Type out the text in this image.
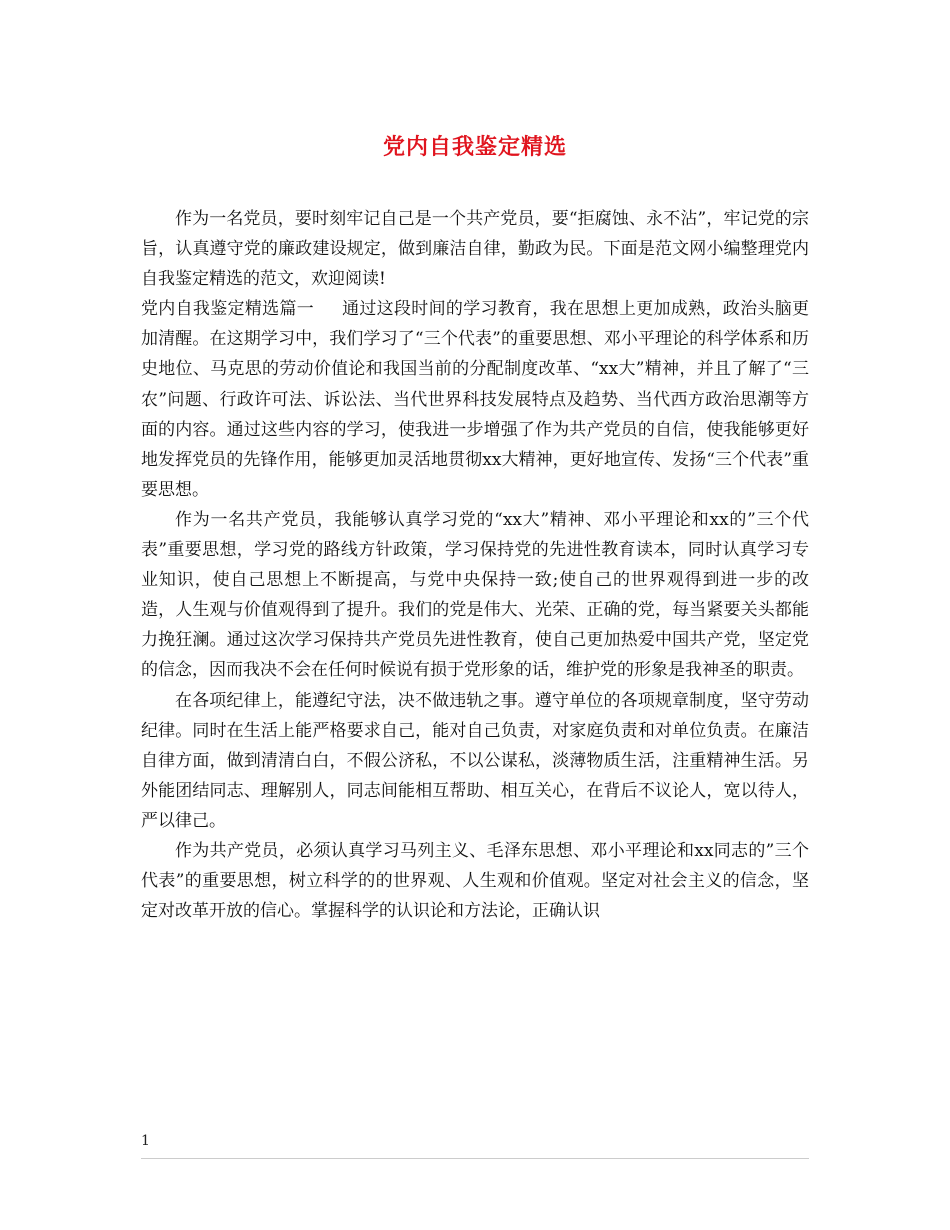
党内自我鉴定精选

作为一名党员，要时刻牢记自己是一个共产党员，要“拒腐蚀、永不沾”，牢记党的宗旨，认真遵守党的廉政建设规定，做到廉洁自律，勤政为民。下面是范文网小编整理党内自我鉴定精选的范文，欢迎阅读!

党内自我鉴定精选篇一 通过这段时间的学习教育，我在思想上更加成熟，政治头脑更加清醒。在这期学习中，我们学习了“三个代表”的重要思想、邓小平理论的科学体系和历史地位、马克思的劳动价值论和我国当前的分配制度改革、“xx大”精神，并且了解了“三农”问题、行政许可法、诉讼法、当代世界科技发展特点及趋势、当代西方政治思潮等方面的内容。通过这些内容的学习，使我进一步增强了作为共产党员的自信，使我能够更好地发挥党员的先锋作用，能够更加灵活地贯彻xx大精神，更好地宣传、发扬“三个代表”重要思想。

作为一名共产党员，我能够认真学习党的“xx大”精神、邓小平理论和xx的”三个代表”重要思想，学习党的路线方针政策，学习保持党的先进性教育读本，同时认真学习专业知识，使自己思想上不断提高，与党中央保持一致;使自己的世界观得到进一步的改造，人生观与价值观得到了提升。我们的党是伟大、光荣、正确的党，每当紧要关头都能力挽狂澜。通过这次学习保持共产党员先进性教育，使自己更加热爱中国共产党，坚定党的信念，因而我决不会在任何时候说有损于党形象的话，维护党的形象是我神圣的职责。

在各项纪律上，能遵纪守法，决不做违轨之事。遵守单位的各项规章制度，坚守劳动纪律。同时在生活上能严格要求自己，能对自己负责，对家庭负责和对单位负责。在廉洁自律方面，做到清清白白，不假公济私，不以公谋私，淡薄物质生活，注重精神生活。另外能团结同志、理解别人，同志间能相互帮助、相互关心，在背后不议论人，宽以待人，严以律己。

作为共产党员，必须认真学习马列主义、毛泽东思想、邓小平理论和xx同志的”三个代表”的重要思想，树立科学的的世界观、人生观和价值观。坚定对社会主义的信念，坚定对改革开放的信心。掌握科学的认识论和方法论，正确认识

1
